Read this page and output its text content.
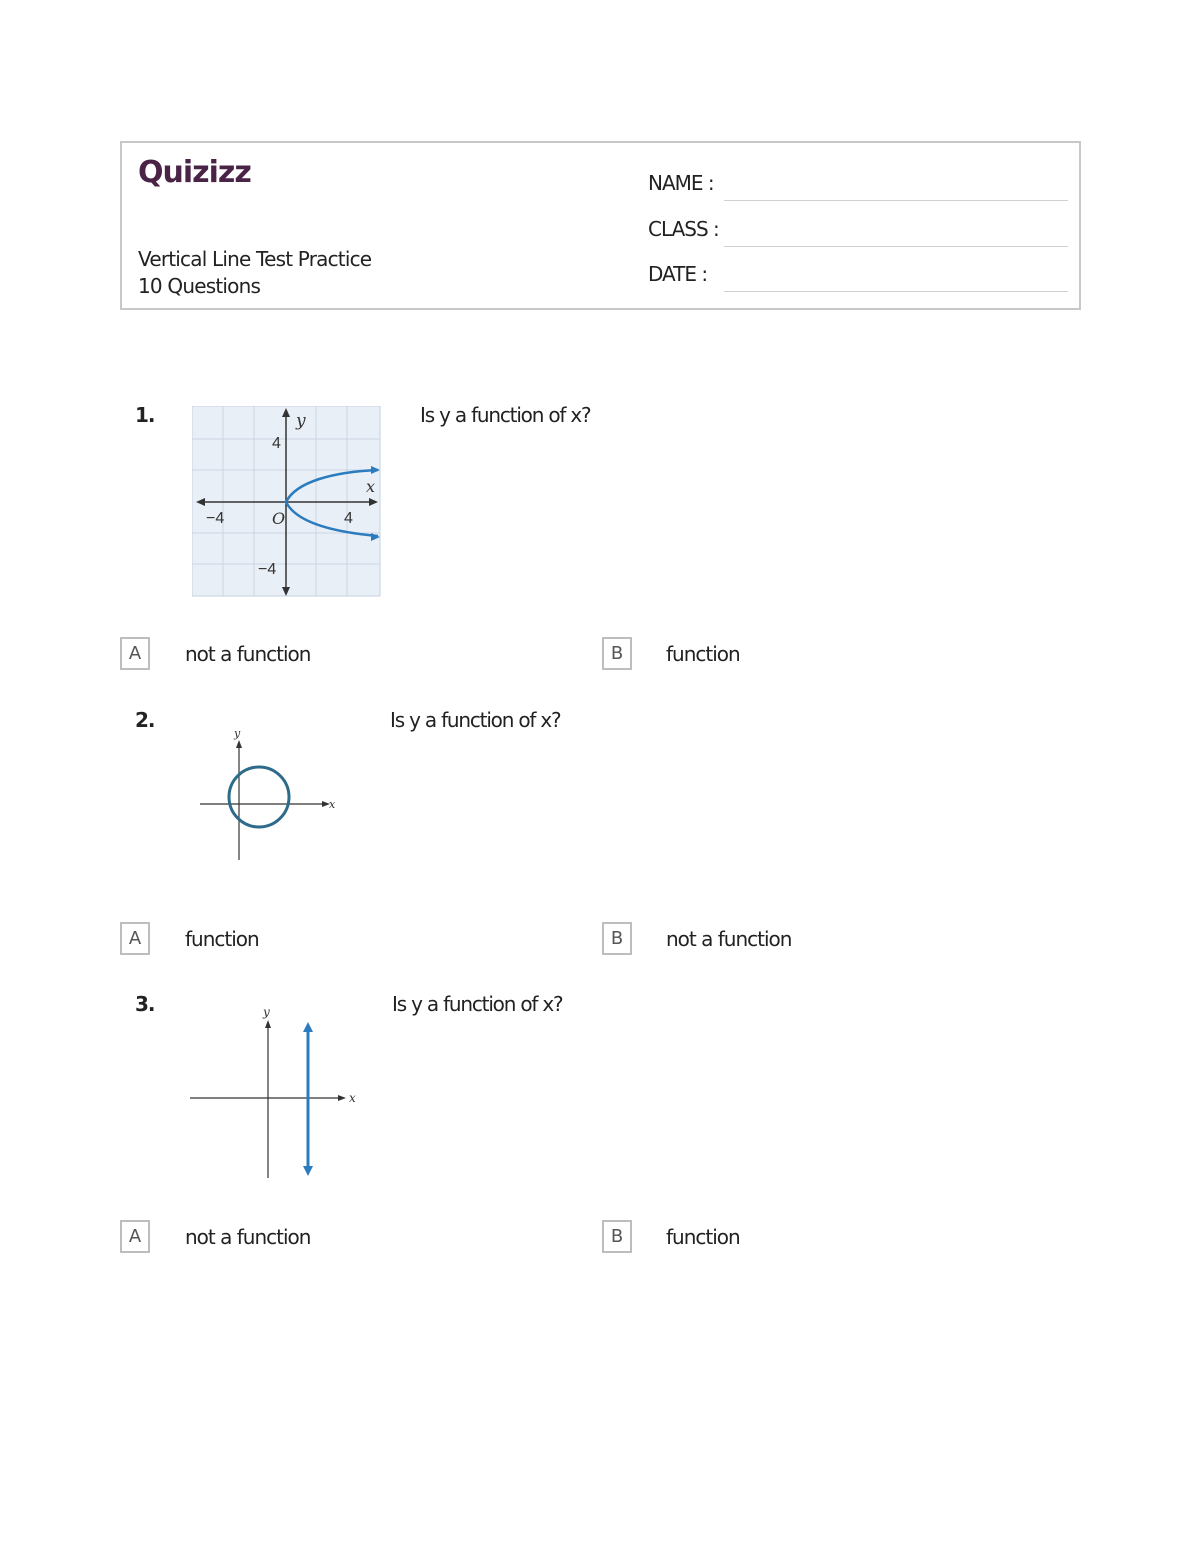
Quizizz
Vertical Line Test Practice
10 Questions
NAME :
CLASS :
DATE :
1.	y
x
4
−4
−4	4
O
Is y a function of x?
A	not a function	B	function
2.
y
x
Is y a function of x?
A	function	B	not a function
3.	y
x
Is y a function of x?
A	not a function	B	function
